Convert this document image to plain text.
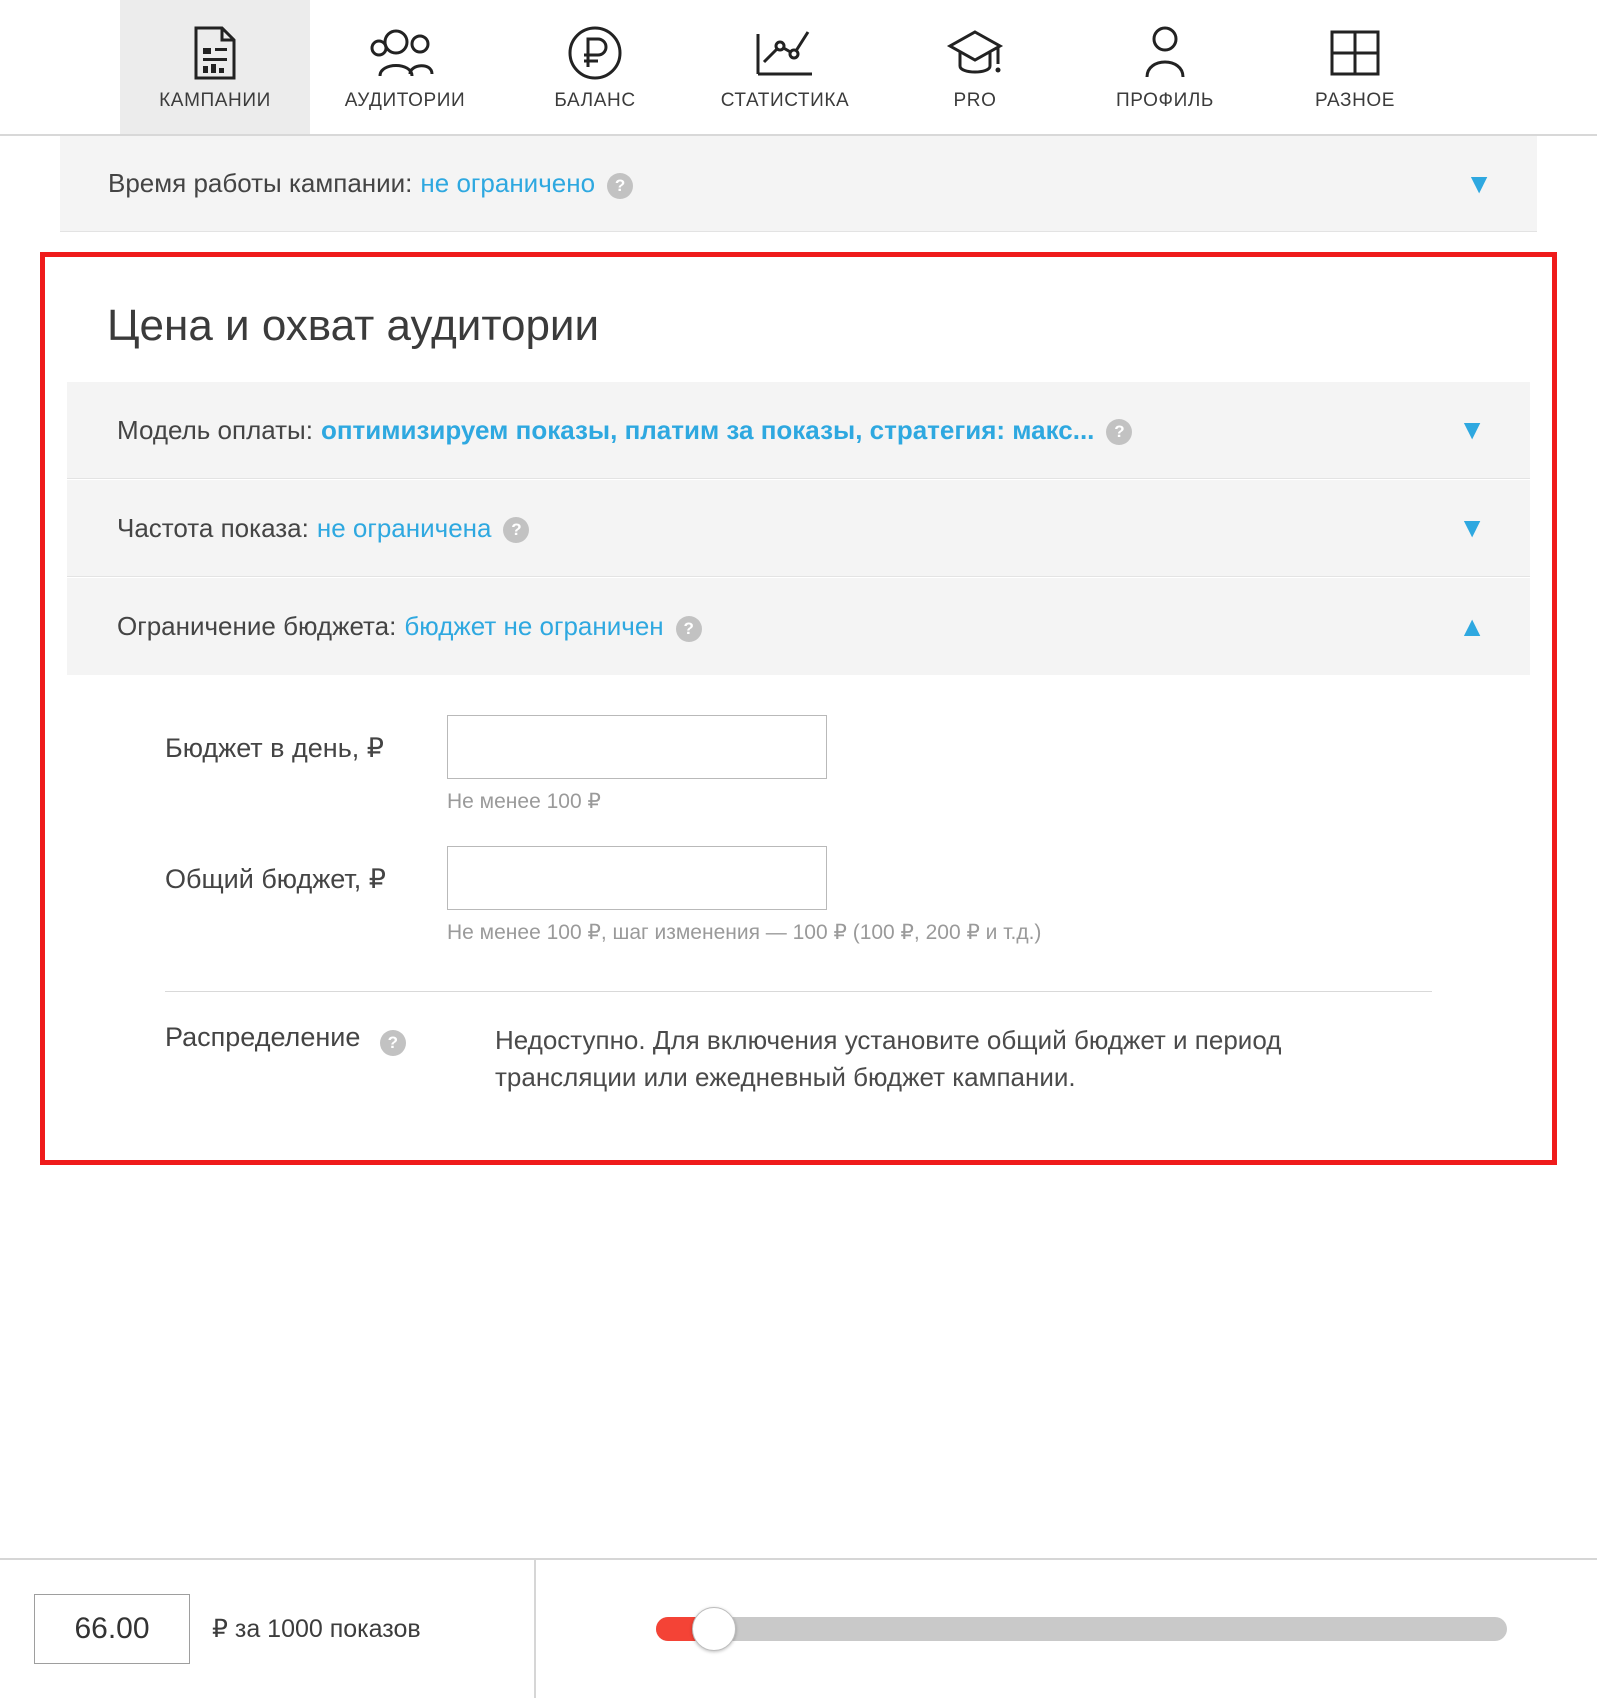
КАМПАНИИ	АУДИТОРИИ	БАЛАНС	СТАТИСТИКА	PRO	ПРОФИЛЬ	РАЗНОЕ
Время работы кампании: не ограничено	?	▼
Цена и охват аудитории
Модель оплаты: оптимизируем показы, платим за показы, стратегия: макс...	?	▼
Частота показа: не ограничена	?	▼
Ограничение бюджета: бюджет не ограничен	?	▲
Бюджет в день, ₽
Не менее 100 ₽
Общий бюджет, ₽
Не менее 100 ₽, шаг изменения — 100 ₽ (100 ₽, 200 ₽ и т.д.)
Распределение ?	Недоступно. Для включения установите общий бюджет и период трансляции или ежедневный бюджет кампании.
66.00
₽ за 1000 показов
